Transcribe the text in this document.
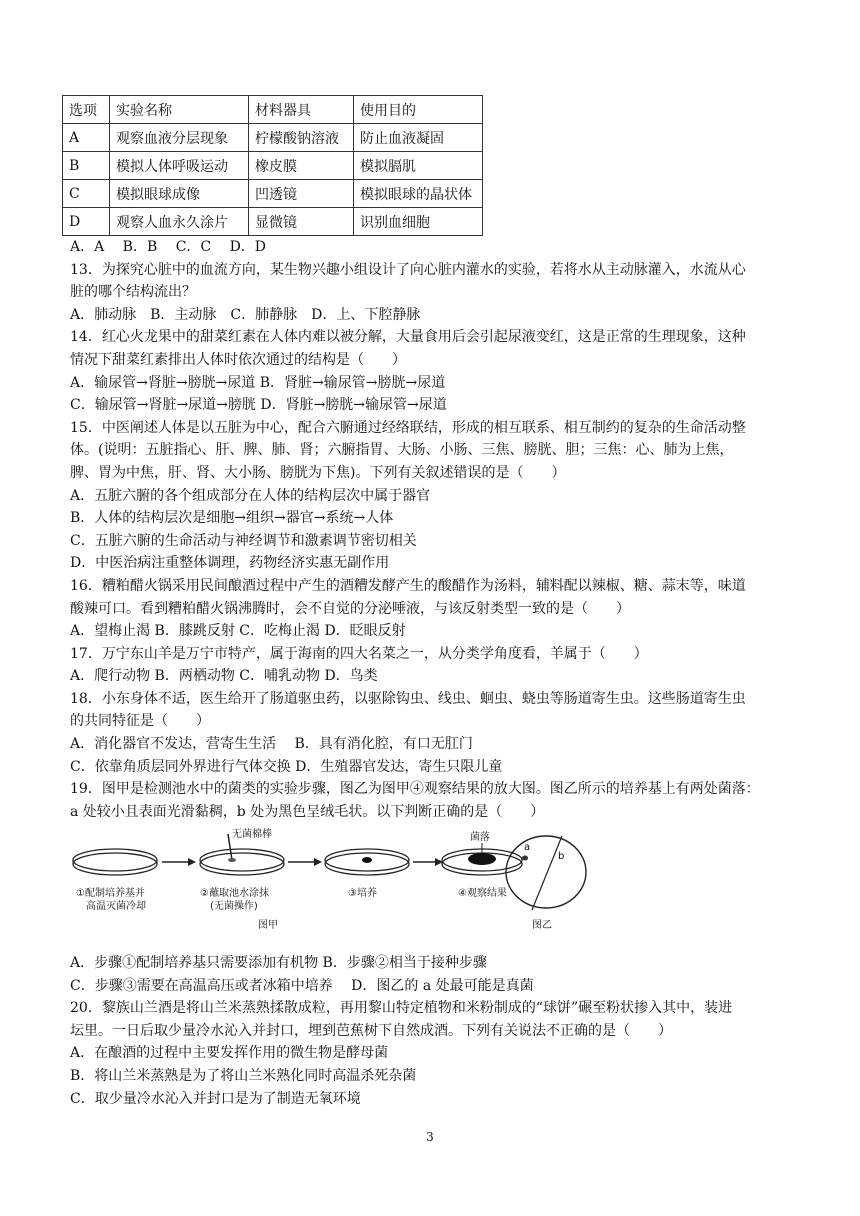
选项	实验名称	材料器具	使用目的
A	观察血液分层现象	柠檬酸钠溶液	防止血液凝固
B	模拟人体呼吸运动	橡皮膜	模拟膈肌
C	模拟眼球成像	凹透镜	模拟眼球的晶状体
D	观察人血永久涂片	显微镜	识别血细胞
A．A　 B．B　 C．C　 D．D
13．为探究心脏中的血流方向，某生物兴趣小组设计了向心脏内灌水的实验，若将水从主动脉灌入，水流从心
脏的哪个结构流出？
A．肺动脉　B．主动脉　C．肺静脉　D．上、下腔静脉
14．红心火龙果中的甜菜红素在人体内难以被分解，大量食用后会引起尿液变红，这是正常的生理现象，这种
情况下甜菜红素排出人体时依次通过的结构是（　　）
A．输尿管→肾脏→膀胱→尿道 B．肾脏→输尿管→膀胱→尿道
C．输尿管→肾脏→尿道→膀胱 D．肾脏→膀胱→输尿管→尿道
15．中医阐述人体是以五脏为中心，配合六腑通过经络联结，形成的相互联系、相互制约的复杂的生命活动整
体。(说明：五脏指心、肝、脾、肺、肾；六腑指胃、大肠、小肠、三焦、膀胱、胆；三焦：心、肺为上焦，
脾、胃为中焦，肝、肾、大小肠、膀胱为下焦)。下列有关叙述错误的是（　　）
A．五脏六腑的各个组成部分在人体的结构层次中属于器官
B．人体的结构层次是细胞→组织→器官→系统→人体
C．五脏六腑的生命活动与神经调节和激素调节密切相关
D．中医治病注重整体调理，药物经济实惠无副作用
16．糟粕醋火锅采用民间酿酒过程中产生的酒糟发酵产生的酸醋作为汤料，辅料配以辣椒、糖、蒜末等，味道
酸辣可口。看到糟粕醋火锅沸腾时，会不自觉的分泌唾液，与该反射类型一致的是（　　）
A．望梅止渴 B．膝跳反射 C．吃梅止渴 D．眨眼反射
17．万宁东山羊是万宁市特产，属于海南的四大名菜之一，从分类学角度看，羊属于（　　）
A．爬行动物 B．两栖动物 C．哺乳动物 D．鸟类
18．小东身体不适，医生给开了肠道驱虫药，以驱除钩虫、线虫、蛔虫、蛲虫等肠道寄生虫。这些肠道寄生虫
的共同特征是（　　）
A．消化器官不发达，营寄生生活　 B．具有消化腔，有口无肛门
C．依靠角质层同外界进行气体交换 D．生殖器官发达，寄生只限儿童
19．图甲是检测池水中的菌类的实验步骤，图乙为图甲④观察结果的放大图。图乙所示的培养基上有两处菌落：
a 处较小且表面光滑黏稠，b 处为黑色呈绒毛状。以下判断正确的是（　　）
无菌棉棒	菌落
a
b
①配制培养基并
高温灭菌冷却
②蘸取池水涂抹
(无菌操作)
③培养	④观察结果
图甲	图乙
A．步骤①配制培养基只需要添加有机物 B．步骤②相当于接种步骤
C．步骤③需要在高温高压或者冰箱中培养　 D．图乙的 a 处最可能是真菌
20．黎族山兰酒是将山兰米蒸熟揉散成粒，再用黎山特定植物和米粉制成的“球饼”碾至粉状掺入其中，装进
坛里。一日后取少量冷水沁入并封口，埋到芭蕉树下自然成酒。下列有关说法不正确的是（　　）
A．在酿酒的过程中主要发挥作用的微生物是酵母菌
B．将山兰米蒸熟是为了将山兰米熟化同时高温杀死杂菌
C．取少量冷水沁入并封口是为了制造无氧环境
3
